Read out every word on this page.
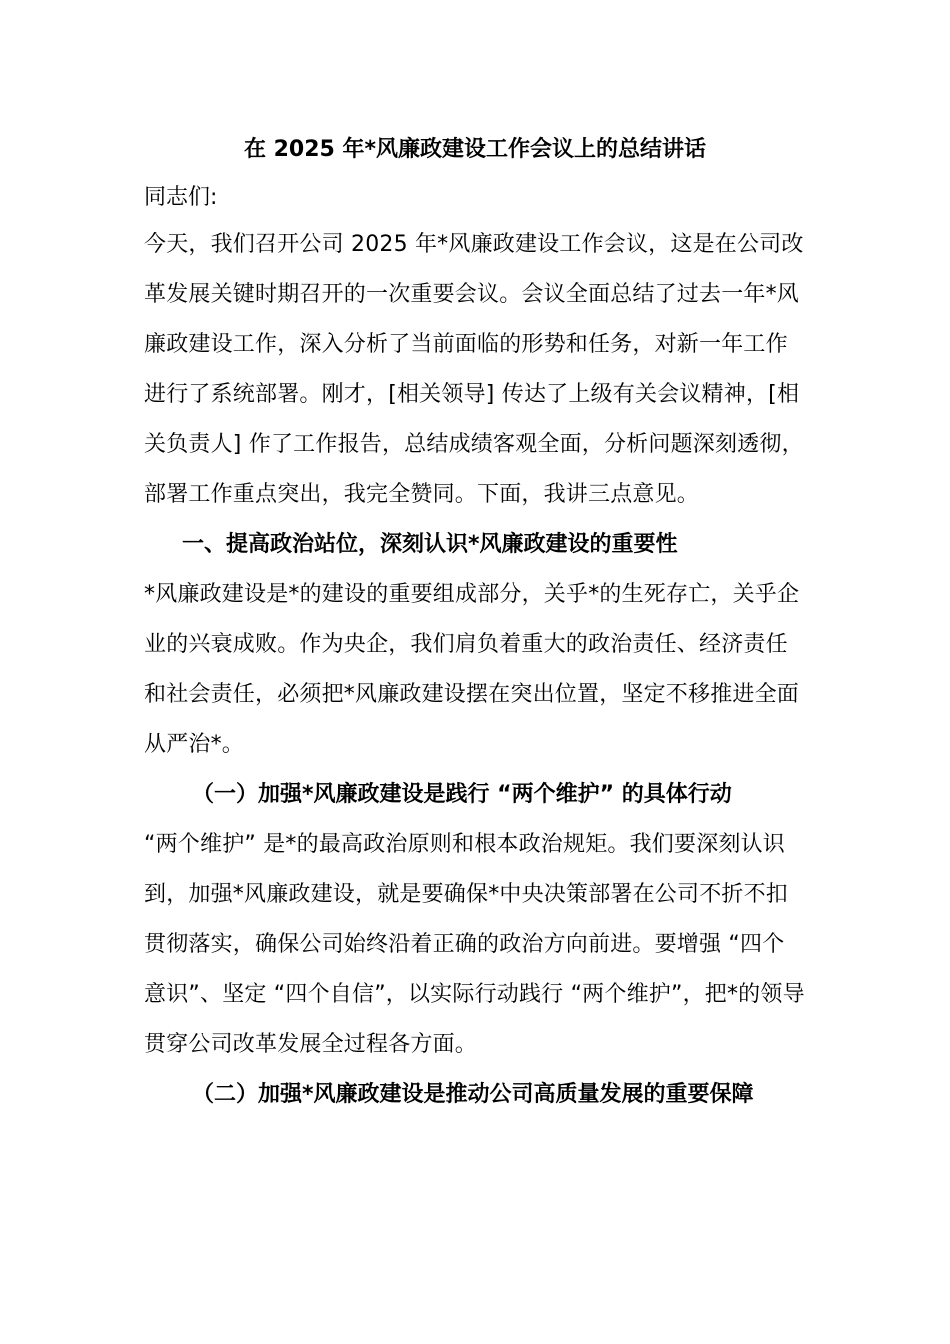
在 2025 年*风廉政建设工作会议上的总结讲话

同志们:

今天，我们召开公司 2025 年*风廉政建设工作会议，这是在公司改革发展关键时期召开的一次重要会议。会议全面总结了过去一年*风廉政建设工作，深入分析了当前面临的形势和任务，对新一年工作进行了系统部署。刚才，[相关领导] 传达了上级有关会议精神，[相关负责人] 作了工作报告，总结成绩客观全面，分析问题深刻透彻，部署工作重点突出，我完全赞同。下面，我讲三点意见。

一、提高政治站位，深刻认识*风廉政建设的重要性

*风廉政建设是*的建设的重要组成部分，关乎*的生死存亡，关乎企业的兴衰成败。作为央企，我们肩负着重大的政治责任、经济责任和社会责任，必须把*风廉政建设摆在突出位置，坚定不移推进全面从严治*。

（一）加强*风廉政建设是践行 “两个维护” 的具体行动

“两个维护” 是*的最高政治原则和根本政治规矩。我们要深刻认识到，加强*风廉政建设，就是要确保*中央决策部署在公司不折不扣贯彻落实，确保公司始终沿着正确的政治方向前进。要增强 “四个意识”、坚定 “四个自信”，以实际行动践行 “两个维护”，把*的领导贯穿公司改革发展全过程各方面。

（二）加强*风廉政建设是推动公司高质量发展的重要保障
